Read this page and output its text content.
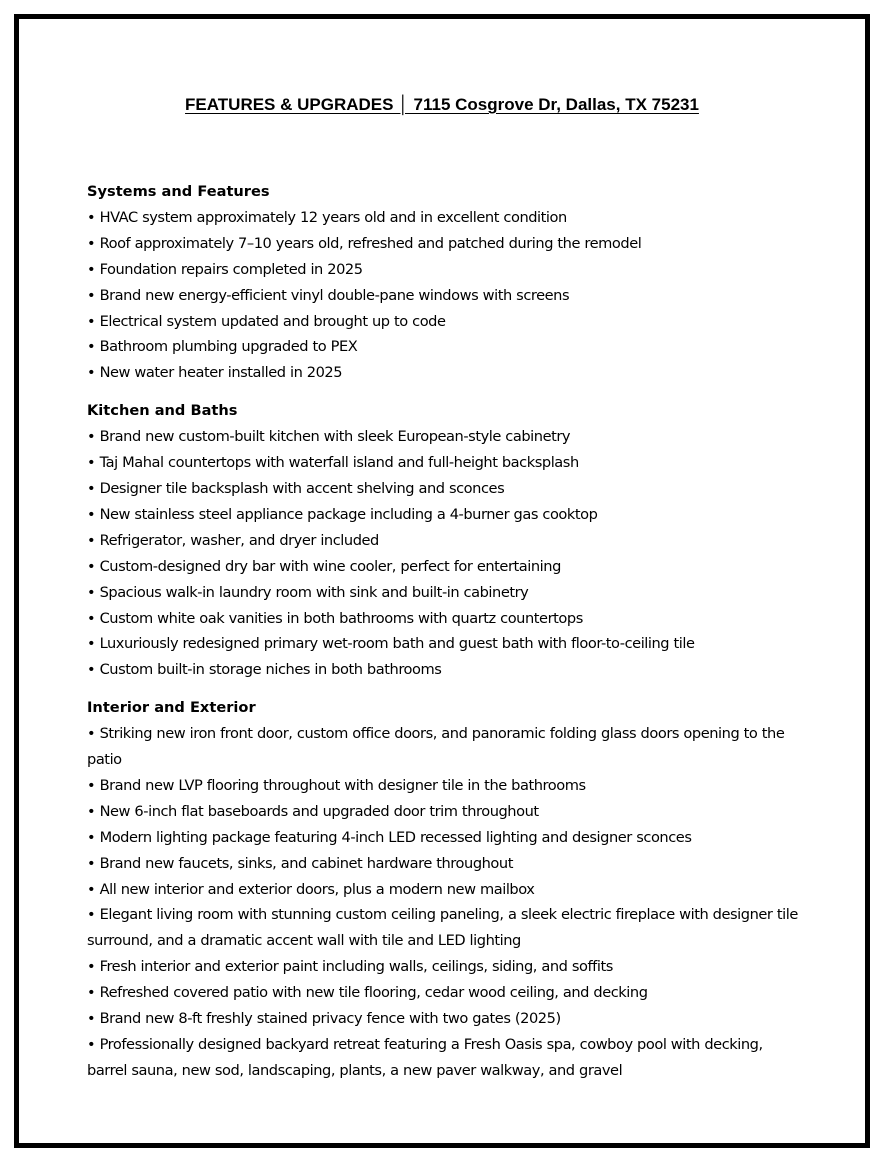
FEATURES & UPGRADES │ 7115 Cosgrove Dr, Dallas, TX 75231
Systems and Features
• HVAC system approximately 12 years old and in excellent condition
• Roof approximately 7–10 years old, refreshed and patched during the remodel
• Foundation repairs completed in 2025
• Brand new energy-efficient vinyl double-pane windows with screens
• Electrical system updated and brought up to code
• Bathroom plumbing upgraded to PEX
• New water heater installed in 2025
Kitchen and Baths
• Brand new custom-built kitchen with sleek European-style cabinetry
• Taj Mahal countertops with waterfall island and full-height backsplash
• Designer tile backsplash with accent shelving and sconces
• New stainless steel appliance package including a 4-burner gas cooktop
• Refrigerator, washer, and dryer included
• Custom-designed dry bar with wine cooler, perfect for entertaining
• Spacious walk-in laundry room with sink and built-in cabinetry
• Custom white oak vanities in both bathrooms with quartz countertops
• Luxuriously redesigned primary wet-room bath and guest bath with floor-to-ceiling tile
• Custom built-in storage niches in both bathrooms
Interior and Exterior
• Striking new iron front door, custom office doors, and panoramic folding glass doors opening to the patio
• Brand new LVP flooring throughout with designer tile in the bathrooms
• New 6-inch flat baseboards and upgraded door trim throughout
• Modern lighting package featuring 4-inch LED recessed lighting and designer sconces
• Brand new faucets, sinks, and cabinet hardware throughout
• All new interior and exterior doors, plus a modern new mailbox
• Elegant living room with stunning custom ceiling paneling, a sleek electric fireplace with designer tile surround, and a dramatic accent wall with tile and LED lighting
• Fresh interior and exterior paint including walls, ceilings, siding, and soffits
• Refreshed covered patio with new tile flooring, cedar wood ceiling, and decking
• Brand new 8-ft freshly stained privacy fence with two gates (2025)
• Professionally designed backyard retreat featuring a Fresh Oasis spa, cowboy pool with decking, barrel sauna, new sod, landscaping, plants, a new paver walkway, and gravel
